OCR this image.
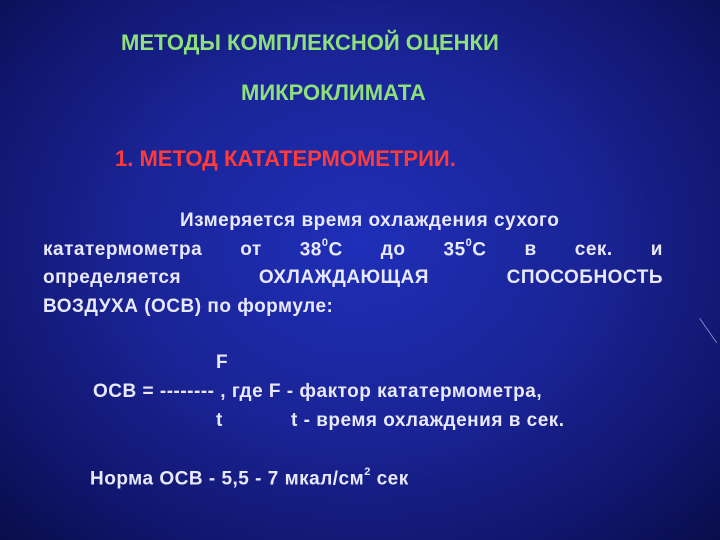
МЕТОДЫ КОМПЛЕКСНОЙ ОЦЕНКИ
МИКРОКЛИМАТА
1. МЕТОД КАТАТЕРМОМЕТРИИ.
Измеряется время охлаждения сухого
кататермометра от $38^0С$ до $35^0С$ в сек. и
определяется	ОХЛАЖДАЮЩАЯ	СПОСОБНОСТЬ
ВОЗДУХА (ОСВ) по формуле:
F
ОСВ = -------- , где F - фактор кататермометра,
t	t - время охлаждения в сек.
Норма ОСВ - 5,5 - 7 мкал/$см^2$ сек
